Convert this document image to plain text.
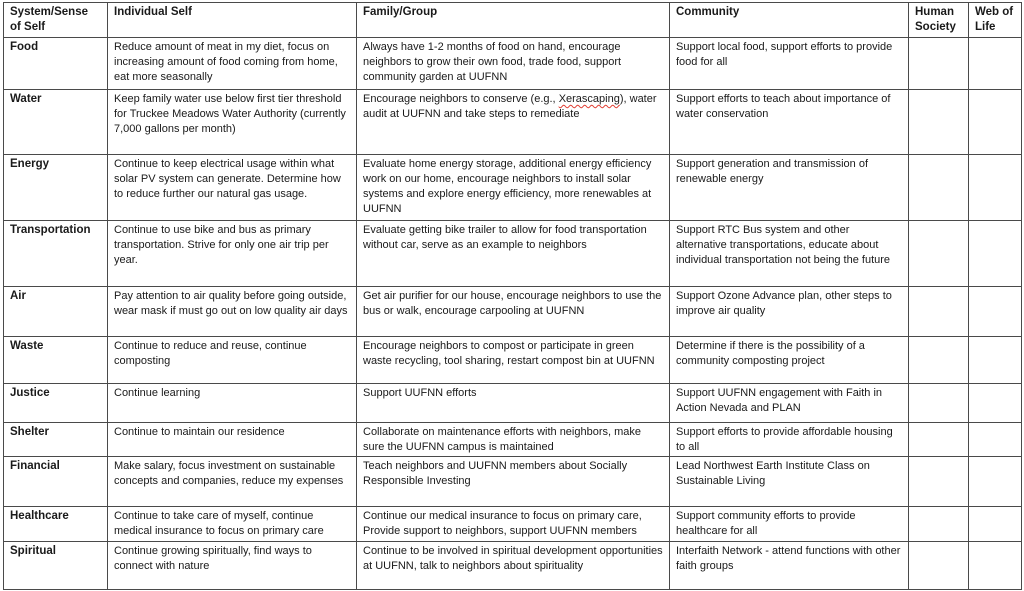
System/Sense of Self	Individual Self	Family/Group	Community	Human Society	Web of Life
Food	Reduce amount of meat in my diet, focus on increasing amount of food coming from home, eat more seasonally	Always have 1-2 months of food on hand, encourage neighbors to grow their own food, trade food, support community garden at UUFNN	Support local food, support efforts to provide food for all		
Water	Keep family water use below first tier threshold for Truckee Meadows Water Authority (currently 7,000 gallons per month)	Encourage neighbors to conserve (e.g., Xerascaping), water audit at UUFNN and take steps to remediate	Support efforts to teach about importance of water conservation		
Energy	Continue to keep electrical usage within what solar PV system can generate. Determine how to reduce further our natural gas usage.	Evaluate home energy storage, additional energy efficiency work on our home, encourage neighbors to install solar systems and explore energy efficiency, more renewables at UUFNN	Support generation and transmission of renewable energy		
Transportation	Continue to use bike and bus as primary transportation. Strive for only one air trip per year.	Evaluate getting bike trailer to allow for food transportation without car, serve as an example to neighbors	Support RTC Bus system and other alternative transportations, educate about individual transportation not being the future		
Air	Pay attention to air quality before going outside, wear mask if must go out on low quality air days	Get air purifier for our house, encourage neighbors to use the bus or walk, encourage carpooling at UUFNN	Support Ozone Advance plan, other steps to improve air quality		
Waste	Continue to reduce and reuse, continue composting	Encourage neighbors to compost or participate in green waste recycling, tool sharing, restart compost bin at UUFNN	Determine if there is the possibility of a community composting project		
Justice	Continue learning	Support UUFNN efforts	Support UUFNN engagement with Faith in Action Nevada and PLAN		
Shelter	Continue to maintain our residence	Collaborate on maintenance efforts with neighbors, make sure the UUFNN campus is maintained	Support efforts to provide affordable housing to all		
Financial	Make salary, focus investment on sustainable concepts and companies, reduce my expenses	Teach neighbors and UUFNN members about Socially Responsible Investing	Lead Northwest Earth Institute Class on Sustainable Living		
Healthcare	Continue to take care of myself, continue medical insurance to focus on primary care	Continue our medical insurance to focus on primary care, Provide support to neighbors, support UUFNN members	Support community efforts to provide healthcare for all		
Spiritual	Continue growing spiritually, find ways to connect with nature	Continue to be involved in spiritual development opportunities at UUFNN, talk to neighbors about spirituality	Interfaith Network - attend functions with other faith groups		
